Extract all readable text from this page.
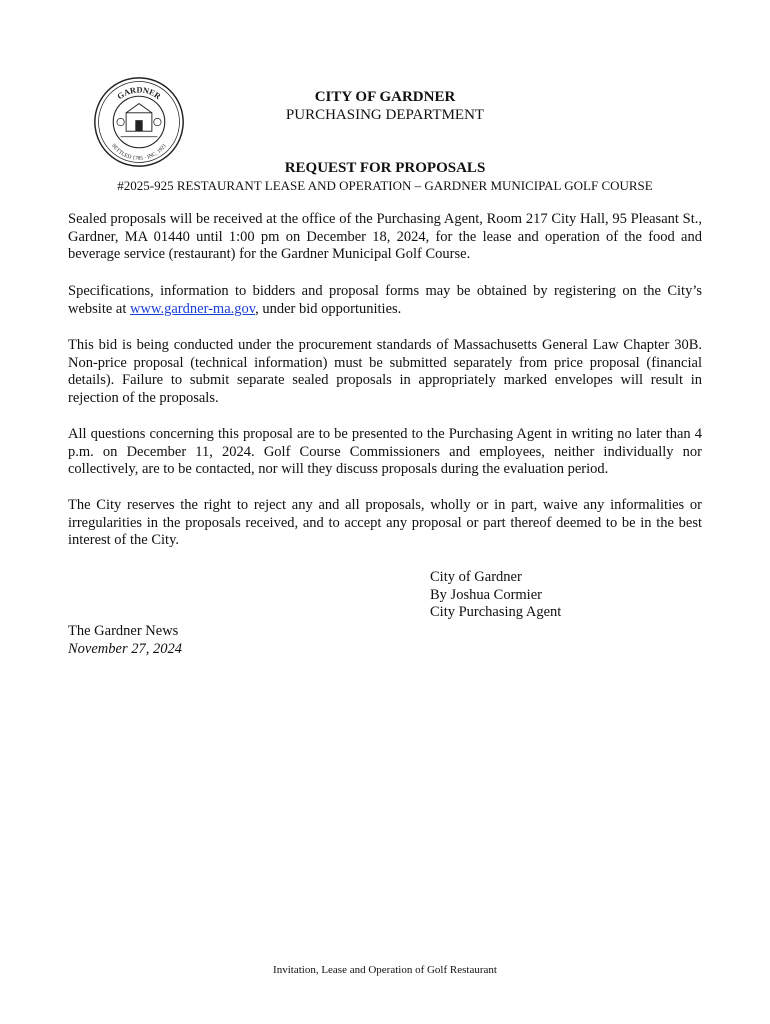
GARDNER
SETTLED 1785 · INC. 1921
CITY OF GARDNER
PURCHASING DEPARTMENT
REQUEST FOR PROPOSALS
#2025-925 RESTAURANT LEASE AND OPERATION – GARDNER MUNICIPAL GOLF COURSE

Sealed proposals will be received at the office of the Purchasing Agent, Room 217 City Hall, 95 Pleasant St., Gardner, MA 01440 until 1:00 pm on December 18, 2024, for the lease and operation of the food and beverage service (restaurant) for the Gardner Municipal Golf Course.

Specifications, information to bidders and proposal forms may be obtained by registering on the City’s website at www.gardner-ma.gov, under bid opportunities.

This bid is being conducted under the procurement standards of Massachusetts General Law Chapter 30B. Non-price proposal (technical information) must be submitted separately from price proposal (financial details). Failure to submit separate sealed proposals in appropriately marked envelopes will result in rejection of the proposals.

All questions concerning this proposal are to be presented to the Purchasing Agent in writing no later than 4 p.m. on December 11, 2024. Golf Course Commissioners and employees, neither individually nor collectively, are to be contacted, nor will they discuss proposals during the evaluation period.

The City reserves the right to reject any and all proposals, wholly or in part, waive any informalities or irregularities in the proposals received, and to accept any proposal or part thereof deemed to be in the best interest of the City.

City of Gardner
By Joshua Cormier
City Purchasing Agent
The Gardner News
November 27, 2024
Invitation, Lease and Operation of Golf Restaurant
